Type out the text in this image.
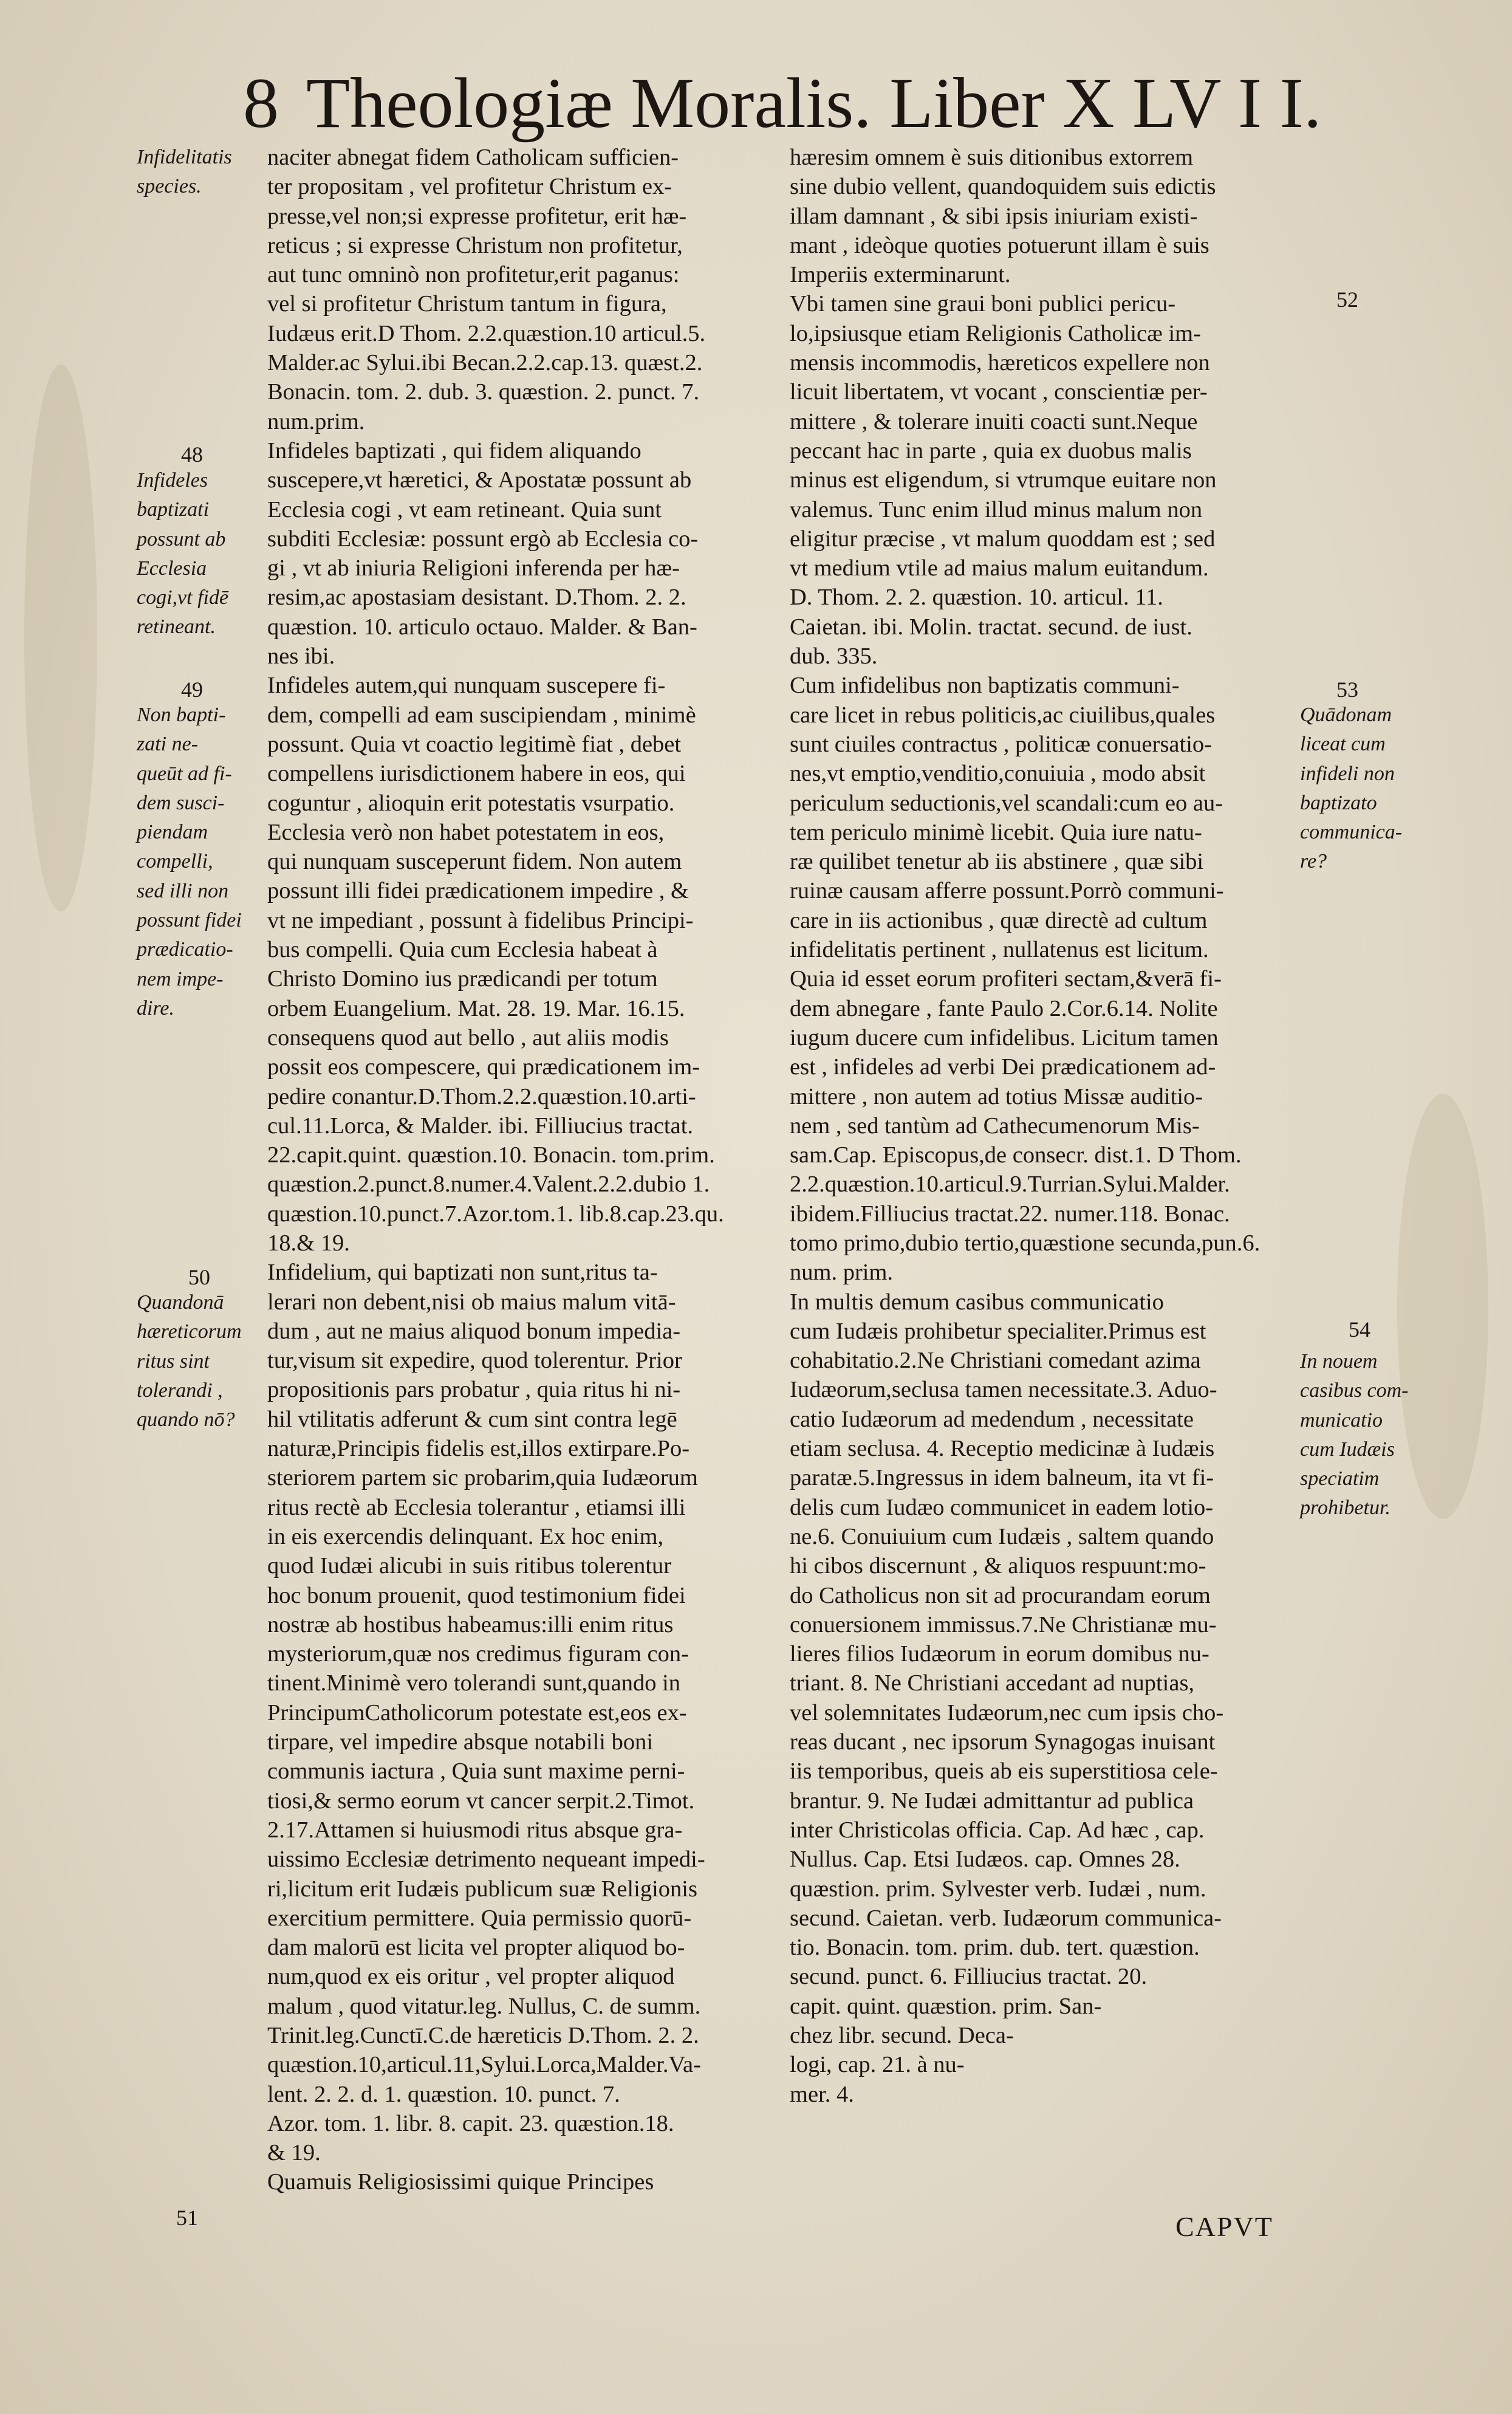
8 Theologiæ Moralis. Liber X LV I I.
naciter abnegat fidem Catholicam sufficien-
ter propositam , vel profitetur Christum ex-
presse,vel non;si expresse profitetur, erit hæ-
reticus ; si expresse Christum non profitetur,
aut tunc omninò non profitetur,erit paganus:
vel si profitetur Christum tantum in figura,
Iudæus erit.D Thom. 2.2.quæstion.10 articul.5.
Malder.ac Sylui.ibi Becan.2.2.cap.13. quæst.2.
Bonacin. tom. 2. dub. 3. quæstion. 2. punct. 7.
num.prim.
Infideles baptizati , qui fidem aliquando
suscepere,vt hæretici, & Apostatæ possunt ab
Ecclesia cogi , vt eam retineant. Quia sunt
subditi Ecclesiæ: possunt ergò ab Ecclesia co-
gi , vt ab iniuria Religioni inferenda per hæ-
resim,ac apostasiam desistant. D.Thom. 2. 2.
quæstion. 10. articulo octauo. Malder. & Ban-
nes ibi.
Infideles autem,qui nunquam suscepere fi-
dem, compelli ad eam suscipiendam , minimè
possunt. Quia vt coactio legitimè fiat , debet
compellens iurisdictionem habere in eos, qui
coguntur , alioquin erit potestatis vsurpatio.
Ecclesia verò non habet potestatem in eos,
qui nunquam susceperunt fidem. Non autem
possunt illi fidei prædicationem impedire , &
vt ne impediant , possunt à fidelibus Principi-
bus compelli. Quia cum Ecclesia habeat à
Christo Domino ius prædicandi per totum
orbem Euangelium. Mat. 28. 19. Mar. 16.15.
consequens quod aut bello , aut aliis modis
possit eos compescere, qui prædicationem im-
pedire conantur.D.Thom.2.2.quæstion.10.arti-
cul.11.Lorca, & Malder. ibi. Filliucius tractat.
22.capit.quint. quæstion.10. Bonacin. tom.prim.
quæstion.2.punct.8.numer.4.Valent.2.2.dubio 1.
quæstion.10.punct.7.Azor.tom.1. lib.8.cap.23.qu.
18.& 19.
Infidelium, qui baptizati non sunt,ritus ta-
lerari non debent,nisi ob maius malum vitā-
dum , aut ne maius aliquod bonum impedia-
tur,visum sit expedire, quod tolerentur. Prior
propositionis pars probatur , quia ritus hi ni-
hil vtilitatis adferunt & cum sint contra legē
naturæ,Principis fidelis est,illos extirpare.Po-
steriorem partem sic probarim,quia Iudæorum
ritus rectè ab Ecclesia tolerantur , etiamsi illi
in eis exercendis delinquant. Ex hoc enim,
quod Iudæi alicubi in suis ritibus tolerentur
hoc bonum prouenit, quod testimonium fidei
nostræ ab hostibus habeamus:illi enim ritus
mysteriorum,quæ nos credimus figuram con-
tinent.Minimè vero tolerandi sunt,quando in
PrincipumCatholicorum potestate est,eos ex-
tirpare, vel impedire absque notabili boni
communis iactura , Quia sunt maxime perni-
tiosi,& sermo eorum vt cancer serpit.2.Timot.
2.17.Attamen si huiusmodi ritus absque gra-
uissimo Ecclesiæ detrimento nequeant impedi-
ri,licitum erit Iudæis publicum suæ Religionis
exercitium permittere. Quia permissio quorū-
dam malorū est licita vel propter aliquod bo-
num,quod ex eis oritur , vel propter aliquod
malum , quod vitatur.leg. Nullus, C. de summ.
Trinit.leg.Cunctī.C.de hæreticis D.Thom. 2. 2.
quæstion.10,articul.11,Sylui.Lorca,Malder.Va-
lent. 2. 2. d. 1. quæstion. 10. punct. 7.
Azor. tom. 1. libr. 8. capit. 23. quæstion.18.
& 19.
Quamuis Religiosissimi quique Principes
hæresim omnem è suis ditionibus extorrem
sine dubio vellent, quandoquidem suis edictis
illam damnant , & sibi ipsis iniuriam existi-
mant , ideòque quoties potuerunt illam è suis
Imperiis exterminarunt.
Vbi tamen sine graui boni publici pericu-
lo,ipsiusque etiam Religionis Catholicæ im-
mensis incommodis, hæreticos expellere non
licuit libertatem, vt vocant , conscientiæ per-
mittere , & tolerare inuiti coacti sunt.Neque
peccant hac in parte , quia ex duobus malis
minus est eligendum, si vtrumque euitare non
valemus. Tunc enim illud minus malum non
eligitur præcise , vt malum quoddam est ; sed
vt medium vtile ad maius malum euitandum.
D. Thom. 2. 2. quæstion. 10. articul. 11.
Caietan. ibi. Molin. tractat. secund. de iust.
dub. 335.
Cum infidelibus non baptizatis communi-
care licet in rebus politicis,ac ciuilibus,quales
sunt ciuiles contractus , politicæ conuersatio-
nes,vt emptio,venditio,conuiuia , modo absit
periculum seductionis,vel scandali:cum eo au-
tem periculo minimè licebit. Quia iure natu-
ræ quilibet tenetur ab iis abstinere , quæ sibi
ruinæ causam afferre possunt.Porrò communi-
care in iis actionibus , quæ directè ad cultum
infidelitatis pertinent , nullatenus est licitum.
Quia id esset eorum profiteri sectam,&verā fi-
dem abnegare , fante Paulo 2.Cor.6.14. Nolite
iugum ducere cum infidelibus. Licitum tamen
est , infideles ad verbi Dei prædicationem ad-
mittere , non autem ad totius Missæ auditio-
nem , sed tantùm ad Cathecumenorum Mis-
sam.Cap. Episcopus,de consecr. dist.1. D Thom.
2.2.quæstion.10.articul.9.Turrian.Sylui.Malder.
ibidem.Filliucius tractat.22. numer.118. Bonac.
tomo primo,dubio tertio,quæstione secunda,pun.6.
num. prim.
In multis demum casibus communicatio
cum Iudæis prohibetur specialiter.Primus est
cohabitatio.2.Ne Christiani comedant azima
Iudæorum,seclusa tamen necessitate.3. Aduo-
catio Iudæorum ad medendum , necessitate
etiam seclusa. 4. Receptio medicinæ à Iudæis
paratæ.5.Ingressus in idem balneum, ita vt fi-
delis cum Iudæo communicet in eadem lotio-
ne.6. Conuiuium cum Iudæis , saltem quando
hi cibos discernunt , & aliquos respuunt:mo-
do Catholicus non sit ad procurandam eorum
conuersionem immissus.7.Ne Christianæ mu-
lieres filios Iudæorum in eorum domibus nu-
triant. 8. Ne Christiani accedant ad nuptias,
vel solemnitates Iudæorum,nec cum ipsis cho-
reas ducant , nec ipsorum Synagogas inuisant
iis temporibus, queis ab eis superstitiosa cele-
brantur. 9. Ne Iudæi admittantur ad publica
inter Christicolas officia. Cap. Ad hæc , cap.
Nullus. Cap. Etsi Iudæos. cap. Omnes 28.
quæstion. prim. Sylvester verb. Iudæi , num.
secund. Caietan. verb. Iudæorum communica-
tio. Bonacin. tom. prim. dub. tert. quæstion.
secund. punct. 6. Filliucius tractat. 20.
capit. quint. quæstion. prim. San-
chez libr. secund. Deca-
logi, cap. 21. à nu-
mer. 4.
Infidelitatis
species.
Infideles
baptizati
possunt ab
Ecclesia
cogi,vt fidē
retineant.
Non bapti-
zati ne-
queūt ad fi-
dem susci-
piendam
compelli,
sed illi non
possunt fidei
prædicatio-
nem impe-
dire.
Quandonā
hæreticorum
ritus sint
tolerandi ,
quando nō?
Quādonam
liceat cum
infideli non
baptizato
communica-
re?
In nouem
casibus com-
municatio
cum Iudæis
speciatim
prohibetur.
48
49
50
51
52
53
54
CAPVT
